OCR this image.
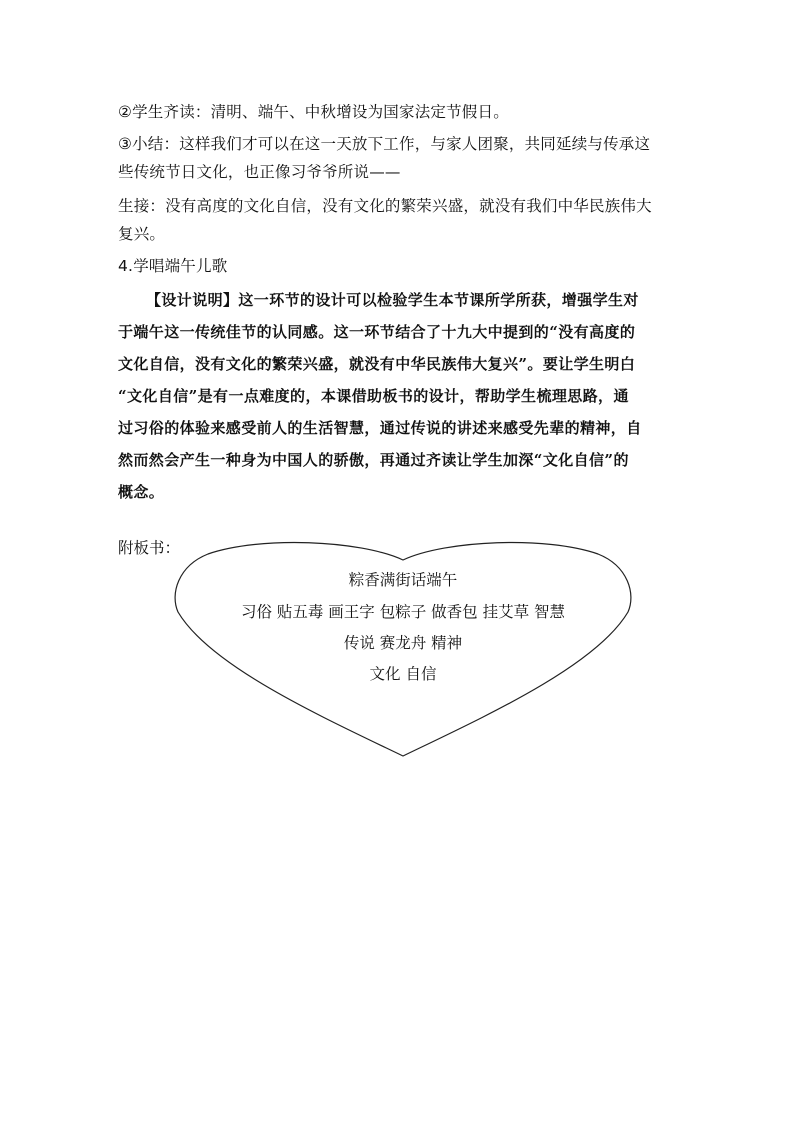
②学生齐读：清明、端午、中秋增设为国家法定节假日。
③小结：这样我们才可以在这一天放下工作，与家人团聚，共同延续与传承这
些传统节日文化，也正像习爷爷所说——
生接：没有高度的文化自信，没有文化的繁荣兴盛，就没有我们中华民族伟大
复兴。
4.学唱端午儿歌
【设计说明】这一环节的设计可以检验学生本节课所学所获，增强学生对
于端午这一传统佳节的认同感。这一环节结合了十九大中提到的“没有高度的
文化自信，没有文化的繁荣兴盛，就没有中华民族伟大复兴”。要让学生明白
“文化自信”是有一点难度的，本课借助板书的设计，帮助学生梳理思路，通
过习俗的体验来感受前人的生活智慧，通过传说的讲述来感受先辈的精神，自
然而然会产生一种身为中国人的骄傲，再通过齐读让学生加深“文化自信”的
概念。
附板书：
粽香满街话端午
习俗 贴五毒 画王字 包粽子 做香包 挂艾草 智慧
传说 赛龙舟 精神
文化 自信
